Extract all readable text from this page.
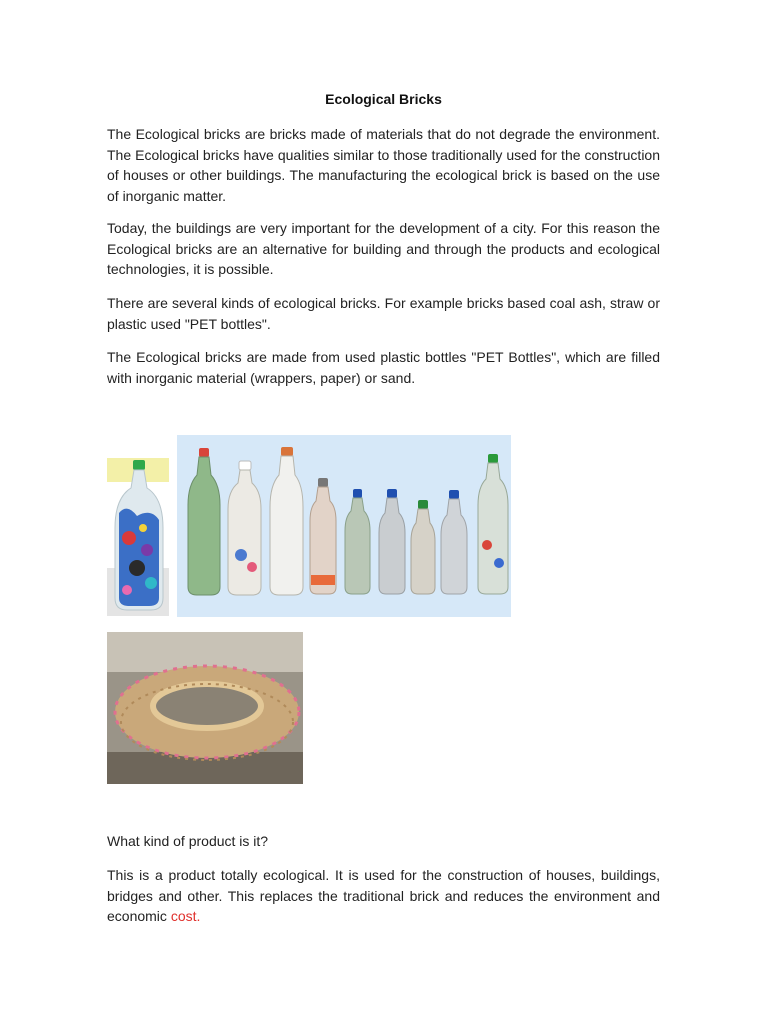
Ecological Bricks

The Ecological bricks are bricks made of materials that do not degrade the environment. The Ecological bricks have qualities similar to those traditionally used for the construction of houses or other buildings. The manufacturing the ecological brick is based on the use of inorganic matter.

Today, the buildings are very important for the development of a city. For this reason the Ecological bricks are an alternative for building and through the products and ecological technologies, it is possible.

There are several kinds of ecological bricks. For example bricks based coal ash, straw or plastic used "PET bottles".

The Ecological bricks are made from used plastic bottles "PET Bottles", which are filled with inorganic material (wrappers, paper) or sand.

What kind of product is it?

This is a product totally ecological. It is used for the construction of houses, buildings, bridges and other. This replaces the traditional brick and reduces the environment and economic cost.
